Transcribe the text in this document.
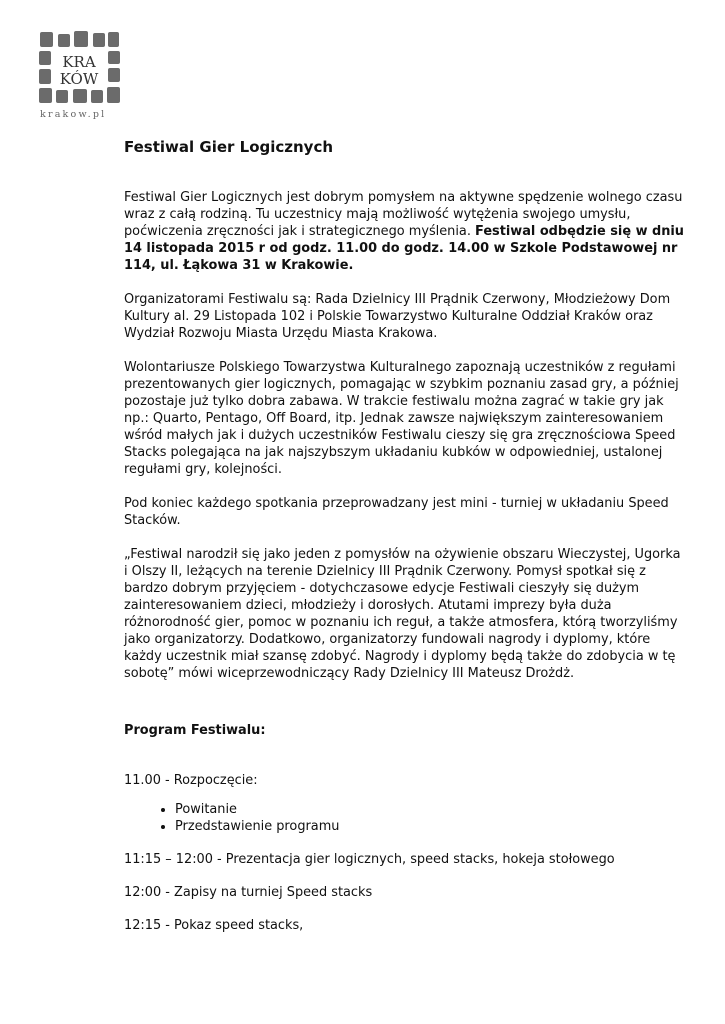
KRA
KÓW
krakow.pl
Festiwal Gier Logicznych

Festiwal Gier Logicznych jest dobrym pomysłem na aktywne spędzenie wolnego czasu wraz z całą rodziną. Tu uczestnicy mają możliwość wytężenia swojego umysłu, poćwiczenia zręczności jak i strategicznego myślenia. Festiwal odbędzie się w dniu 14 listopada 2015 r od godz. 11.00 do godz. 14.00 w Szkole Podstawowej nr 114, ul. Łąkowa 31 w Krakowie.

Organizatorami Festiwalu są: Rada Dzielnicy III Prądnik Czerwony, Młodzieżowy Dom Kultury al. 29 Listopada 102 i Polskie Towarzystwo Kulturalne Oddział Kraków oraz Wydział Rozwoju Miasta Urzędu Miasta Krakowa.

Wolontariusze Polskiego Towarzystwa Kulturalnego zapoznają uczestników z regułami prezentowanych gier logicznych, pomagając w szybkim poznaniu zasad gry, a później pozostaje już tylko dobra zabawa. W trakcie festiwalu można zagrać w takie gry jak np.: Quarto, Pentago, Off Board, itp. Jednak zawsze największym zainteresowaniem wśród małych jak i dużych uczestników Festiwalu cieszy się gra zręcznościowa Speed Stacks polegająca na jak najszybszym układaniu kubków w odpowiedniej, ustalonej regułami gry, kolejności.

Pod koniec każdego spotkania przeprowadzany jest mini - turniej w układaniu Speed Stacków.

„Festiwal narodził się jako jeden z pomysłów na ożywienie obszaru Wieczystej, Ugorka i Olszy II, leżących na terenie Dzielnicy III Prądnik Czerwony. Pomysł spotkał się z bardzo dobrym przyjęciem - dotychczasowe edycje Festiwali cieszyły się dużym zainteresowaniem dzieci, młodzieży i dorosłych. Atutami imprezy była duża różnorodność gier, pomoc w poznaniu ich reguł, a także atmosfera, którą tworzyliśmy jako organizatorzy. Dodatkowo, organizatorzy fundowali nagrody i dyplomy, które każdy uczestnik miał szansę zdobyć. Nagrody i dyplomy będą także do zdobycia w tę sobotę” mówi wiceprzewodniczący Rady Dzielnicy III Mateusz Drożdż.

Program Festiwalu:

11.00 - Rozpoczęcie:

• Powitanie
• Przedstawienie programu

11:15 – 12:00 - Prezentacja gier logicznych, speed stacks, hokeja stołowego

12:00 - Zapisy na turniej Speed stacks

12:15 - Pokaz speed stacks,
